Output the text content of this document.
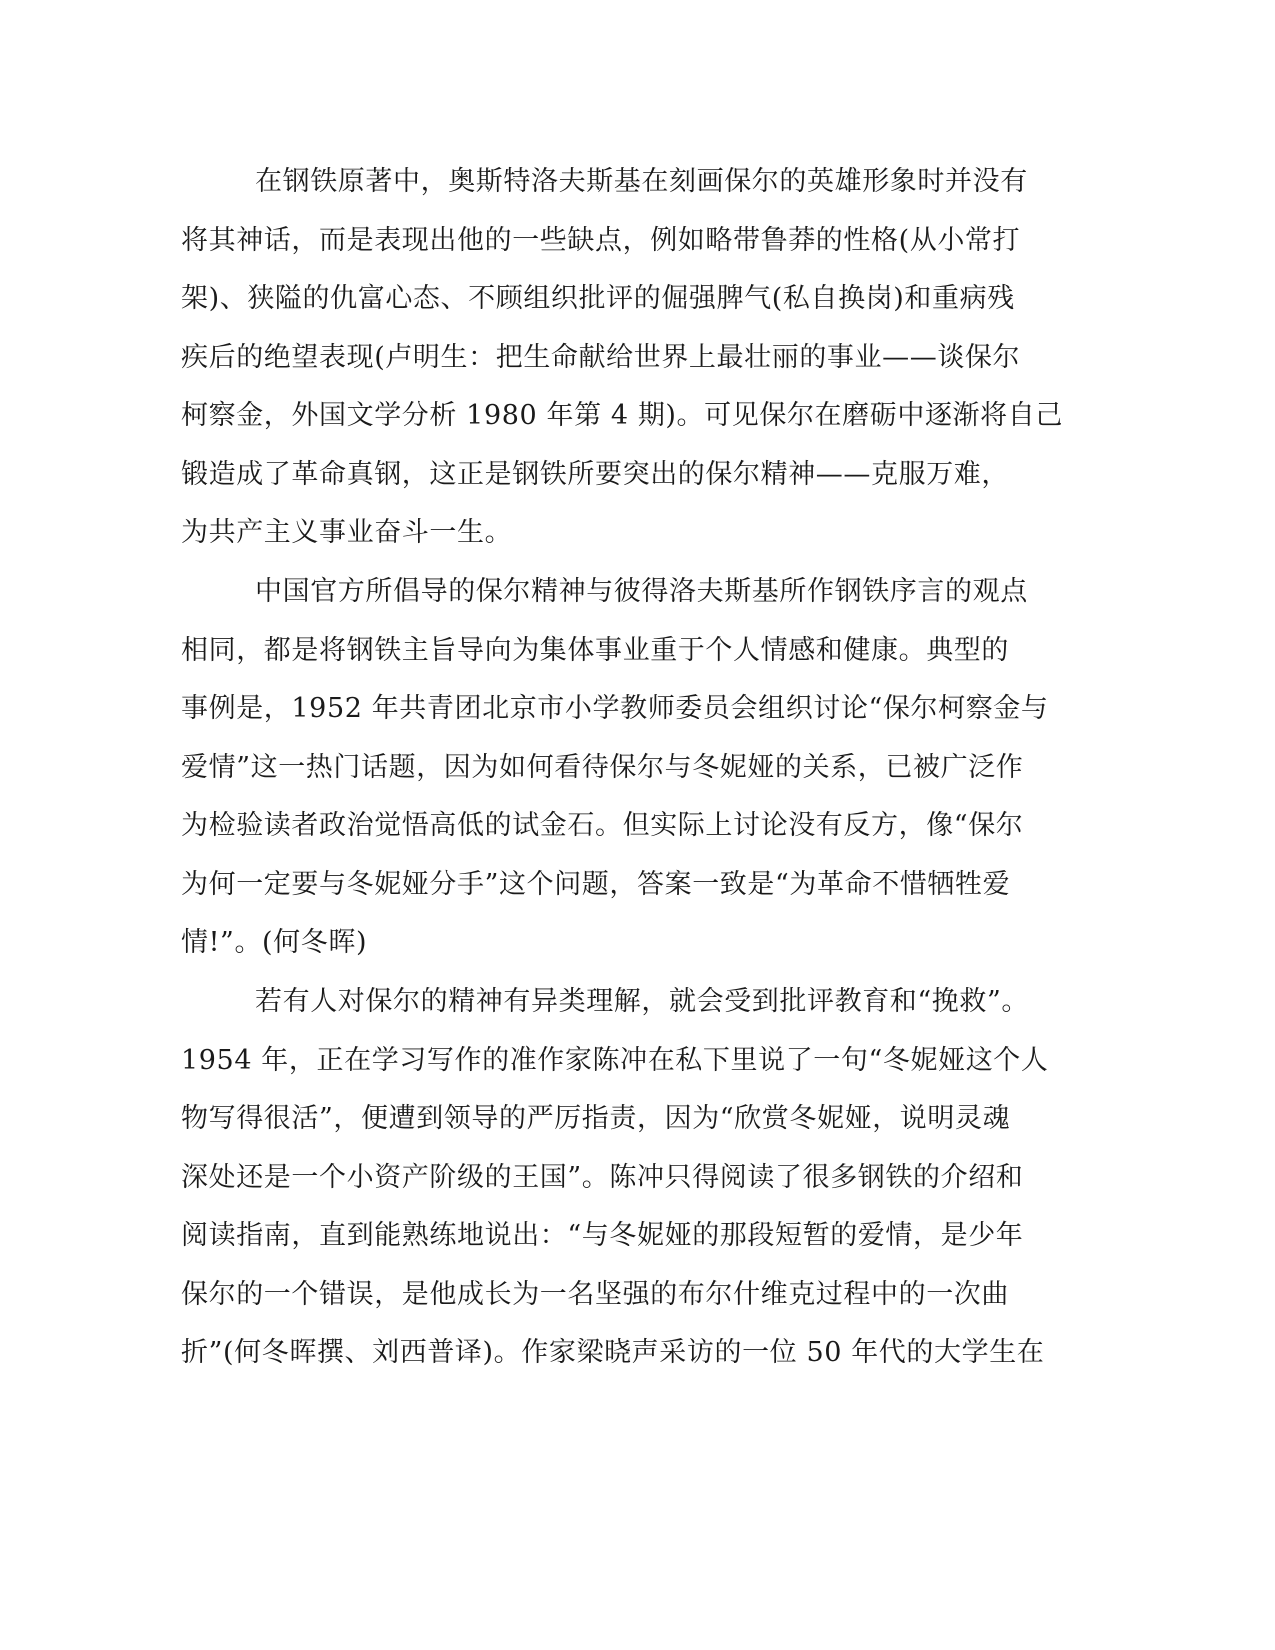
在钢铁原著中，奥斯特洛夫斯基在刻画保尔的英雄形象时并没有
将其神话，而是表现出他的一些缺点，例如略带鲁莽的性格(从小常打
架)、狭隘的仇富心态、不顾组织批评的倔强脾气(私自换岗)和重病残
疾后的绝望表现(卢明生：把生命献给世界上最壮丽的事业——谈保尔
柯察金，外国文学分析 1980 年第 4 期)。可见保尔在磨砺中逐渐将自己
锻造成了革命真钢，这正是钢铁所要突出的保尔精神——克服万难，
为共产主义事业奋斗一生。
中国官方所倡导的保尔精神与彼得洛夫斯基所作钢铁序言的观点
相同，都是将钢铁主旨导向为集体事业重于个人情感和健康。典型的
事例是，1952 年共青团北京市小学教师委员会组织讨论“保尔柯察金与
爱情”这一热门话题，因为如何看待保尔与冬妮娅的关系，已被广泛作
为检验读者政治觉悟高低的试金石。但实际上讨论没有反方，像“保尔
为何一定要与冬妮娅分手”这个问题，答案一致是“为革命不惜牺牲爱
情!”。(何冬晖)
若有人对保尔的精神有异类理解，就会受到批评教育和“挽救”。
1954 年，正在学习写作的准作家陈冲在私下里说了一句“冬妮娅这个人
物写得很活”，便遭到领导的严厉指责，因为“欣赏冬妮娅，说明灵魂
深处还是一个小资产阶级的王国”。陈冲只得阅读了很多钢铁的介绍和
阅读指南，直到能熟练地说出：“与冬妮娅的那段短暂的爱情，是少年
保尔的一个错误，是他成长为一名坚强的布尔什维克过程中的一次曲
折”(何冬晖撰、刘西普译)。作家梁晓声采访的一位 50 年代的大学生在
